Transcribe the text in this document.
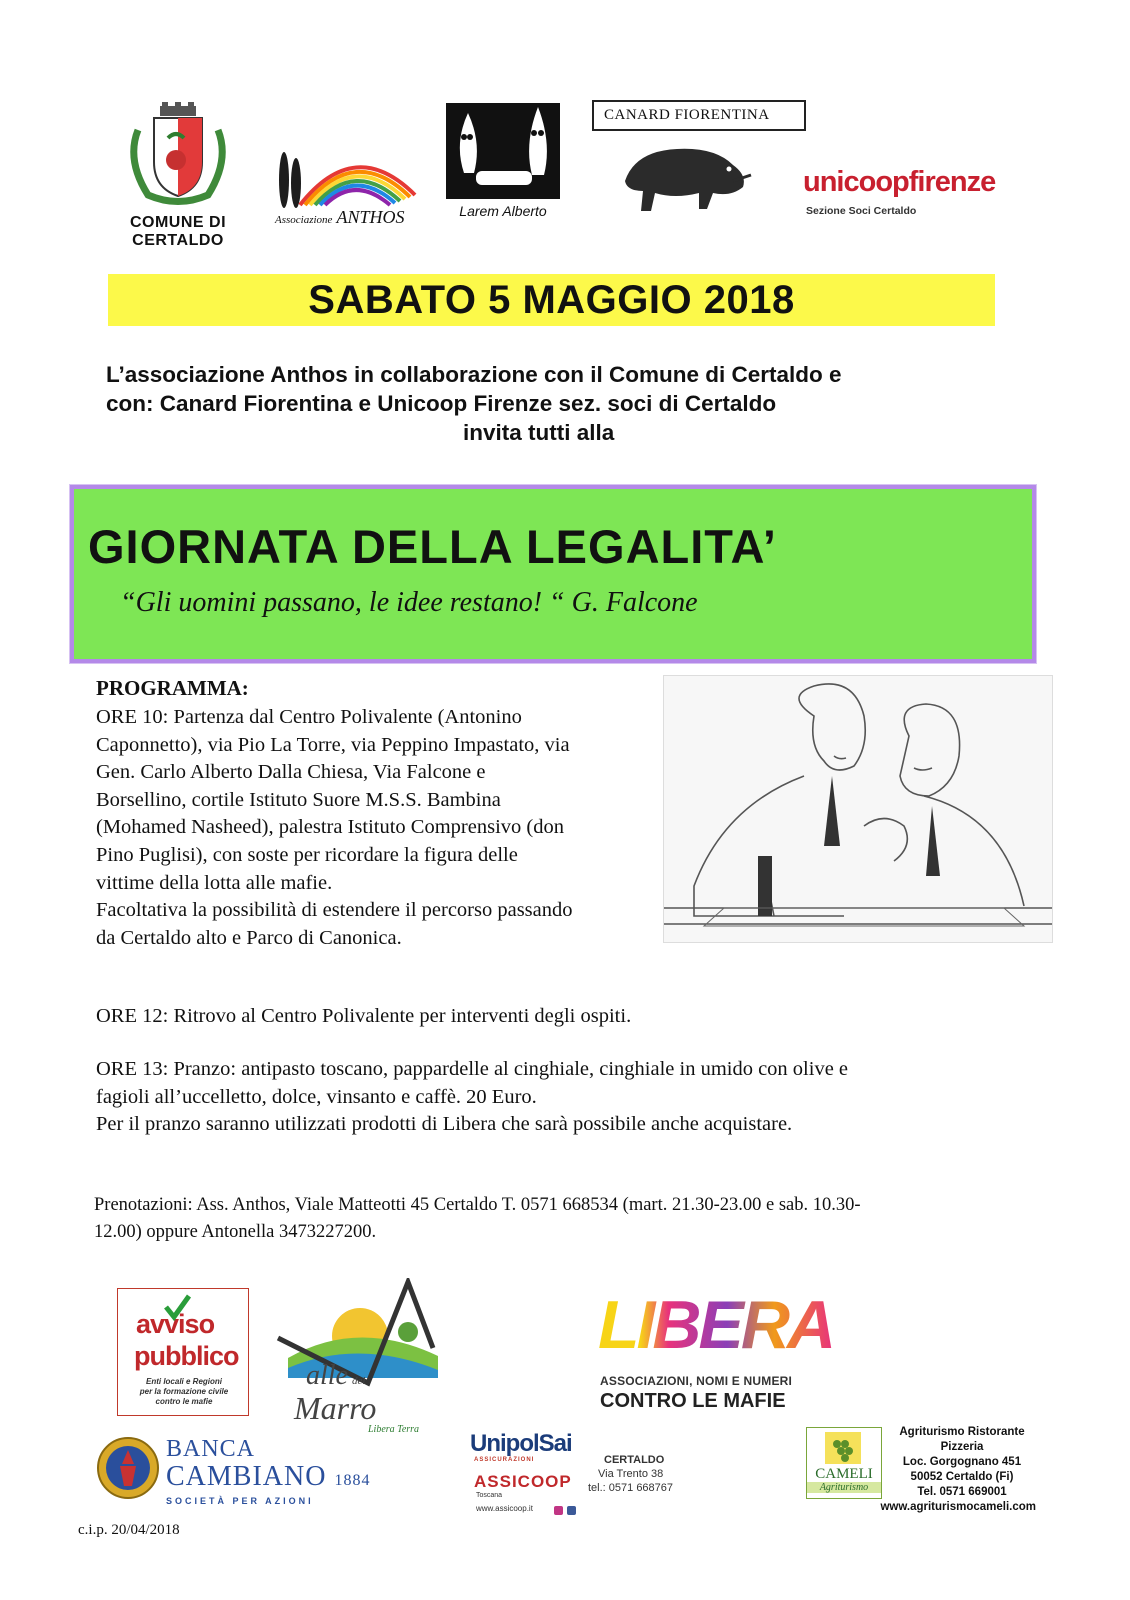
COMUNE DI
CERTALDO
Associazione ANTHOS	Larem Alberto
CANARD FIORENTINA
unicoopfirenze
Sezione Soci Certaldo
SABATO 5 MAGGIO 2018
L’associazione Anthos in collaborazione con il Comune di Certaldo e
con: Canard Fiorentina e Unicoop Firenze sez. soci di Certaldo
invita tutti alla
GIORNATA DELLA LEGALITA’
“Gli uomini passano, le idee restano! “ G. Falcone
PROGRAMMA:
ORE 10: Partenza dal Centro Polivalente (Antonino
Caponnetto), via Pio La Torre, via Peppino Impastato, via
Gen. Carlo Alberto Dalla Chiesa, Via Falcone e
Borsellino, cortile Istituto Suore M.S.S. Bambina
(Mohamed Nasheed), palestra Istituto Comprensivo (don
Pino Puglisi), con soste per ricordare la figura delle
vittime della lotta alle mafie.
Facoltativa la possibilità di estendere il percorso passando
da Certaldo alto e Parco di Canonica.
ORE 12: Ritrovo al Centro Polivalente per interventi degli ospiti.
ORE 13: Pranzo: antipasto toscano, pappardelle al cinghiale, cinghiale in umido con olive e
fagioli all’uccelletto, dolce, vinsanto e caffè. 20 Euro.
Per il pranzo saranno utilizzati prodotti di Libera che sarà possibile anche acquistare.
Prenotazioni: Ass. Anthos, Viale Matteotti 45 Certaldo T. 0571 668534 (mart. 21.30-23.00 e sab. 10.30-
12.00) oppure Antonella 3473227200.
avviso
pubblico
Enti locali e Regioni
per la formazione civile
contro le mafie
alle del
Marro
Libera Terra
LIBERA
ASSOCIAZIONI, NOMI E NUMERI
CONTRO LE MAFIE
BANCA
CAMBIANO 1884
SOCIETÀ PER AZIONI
UnipolSai
ASSICURAZIONI
ASSICOOP
Toscana
www.assicoop.it

CERTALDO
Via Trento 38
tel.: 0571 668767
CAMELI
Agriturismo
Agriturismo Ristorante
Pizzeria
Loc. Gorgognano 451
50052 Certaldo (Fi)
Tel. 0571 669001
www.agriturismocameli.com
c.i.p. 20/04/2018
